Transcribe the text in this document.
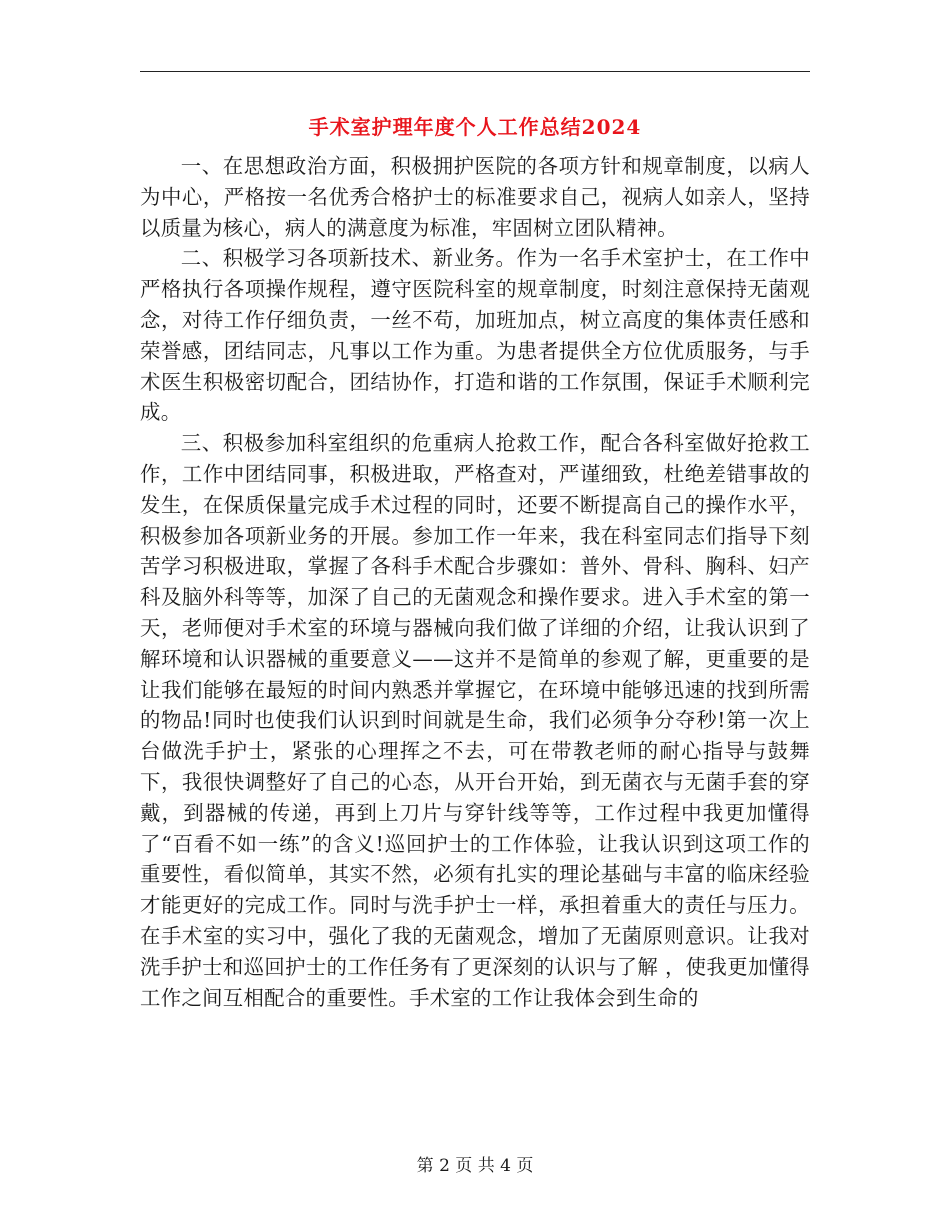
手术室护理年度个人工作总结2024

一、在思想政治方面，积极拥护医院的各项方针和规章制度，以病人为中心，严格按一名优秀合格护士的标准要求自己，视病人如亲人，坚持以质量为核心，病人的满意度为标准，牢固树立团队精神。

二、积极学习各项新技术、新业务。作为一名手术室护士，在工作中严格执行各项操作规程，遵守医院科室的规章制度，时刻注意保持无菌观念，对待工作仔细负责，一丝不苟，加班加点，树立高度的集体责任感和荣誉感，团结同志，凡事以工作为重。为患者提供全方位优质服务，与手术医生积极密切配合，团结协作，打造和谐的工作氛围，保证手术顺利完成。

三、积极参加科室组织的危重病人抢救工作，配合各科室做好抢救工作，工作中团结同事，积极进取，严格查对，严谨细致，杜绝差错事故的发生，在保质保量完成手术过程的同时，还要不断提高自己的操作水平，积极参加各项新业务的开展。参加工作一年来，我在科室同志们指导下刻苦学习积极进取，掌握了各科手术配合步骤如：普外、骨科、胸科、妇产科及脑外科等等，加深了自己的无菌观念和操作要求。进入手术室的第一天，老师便对手术室的环境与器械向我们做了详细的介绍，让我认识到了解环境和认识器械的重要意义——这并不是简单的参观了解，更重要的是让我们能够在最短的时间内熟悉并掌握它，在环境中能够迅速的找到所需的物品!同时也使我们认识到时间就是生命，我们必须争分夺秒!第一次上台做洗手护士，紧张的心理挥之不去，可在带教老师的耐心指导与鼓舞下，我很快调整好了自己的心态，从开台开始，到无菌衣与无菌手套的穿戴，到器械的传递，再到上刀片与穿针线等等，工作过程中我更加懂得了“百看不如一练”的含义!巡回护士的工作体验，让我认识到这项工作的重要性，看似简单，其实不然，必须有扎实的理论基础与丰富的临床经验才能更好的完成工作。同时与洗手护士一样，承担着重大的责任与压力。在手术室的实习中，强化了我的无菌观念，增加了无菌原则意识。让我对洗手护士和巡回护士的工作任务有了更深刻的认识与了解 ，使我更加懂得工作之间互相配合的重要性。手术室的工作让我体会到生命的

第 2 页 共 4 页
